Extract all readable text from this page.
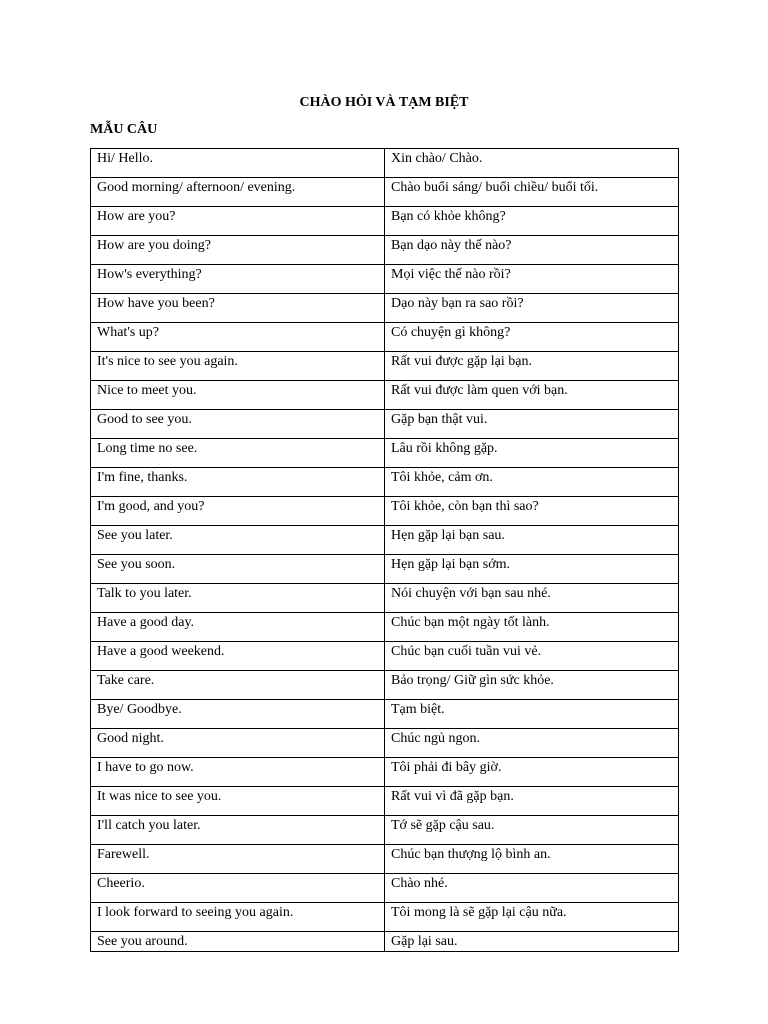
CHÀO HỎI VÀ TẠM BIỆT
MẪU CÂU
Hi/ Hello.	Xin chào/ Chào.
Good morning/ afternoon/ evening.	Chào buổi sáng/ buổi chiều/ buổi tối.
How are you?	Bạn có khỏe không?
How are you doing?	Bạn dạo này thế nào?
How's everything?	Mọi việc thế nào rồi?
How have you been?	Dạo này bạn ra sao rồi?
What's up?	Có chuyện gì không?
It's nice to see you again.	Rất vui được gặp lại bạn.
Nice to meet you.	Rất vui được làm quen với bạn.
Good to see you.	Gặp bạn thật vui.
Long time no see.	Lâu rồi không gặp.
I'm fine, thanks.	Tôi khỏe, cảm ơn.
I'm good, and you?	Tôi khỏe, còn bạn thì sao?
See you later.	Hẹn gặp lại bạn sau.
See you soon.	Hẹn gặp lại bạn sớm.
Talk to you later.	Nói chuyện với bạn sau nhé.
Have a good day.	Chúc bạn một ngày tốt lành.
Have a good weekend.	Chúc bạn cuối tuần vui vẻ.
Take care.	Bảo trọng/ Giữ gìn sức khỏe.
Bye/ Goodbye.	Tạm biệt.
Good night.	Chúc ngủ ngon.
I have to go now.	Tôi phải đi bây giờ.
It was nice to see you.	Rất vui vì đã gặp bạn.
I'll catch you later.	Tớ sẽ gặp cậu sau.
Farewell.	Chúc bạn thượng lộ bình an.
Cheerio.	Chào nhé.
I look forward to seeing you again.	Tôi mong là sẽ gặp lại cậu nữa.
See you around.	Gặp lại sau.
